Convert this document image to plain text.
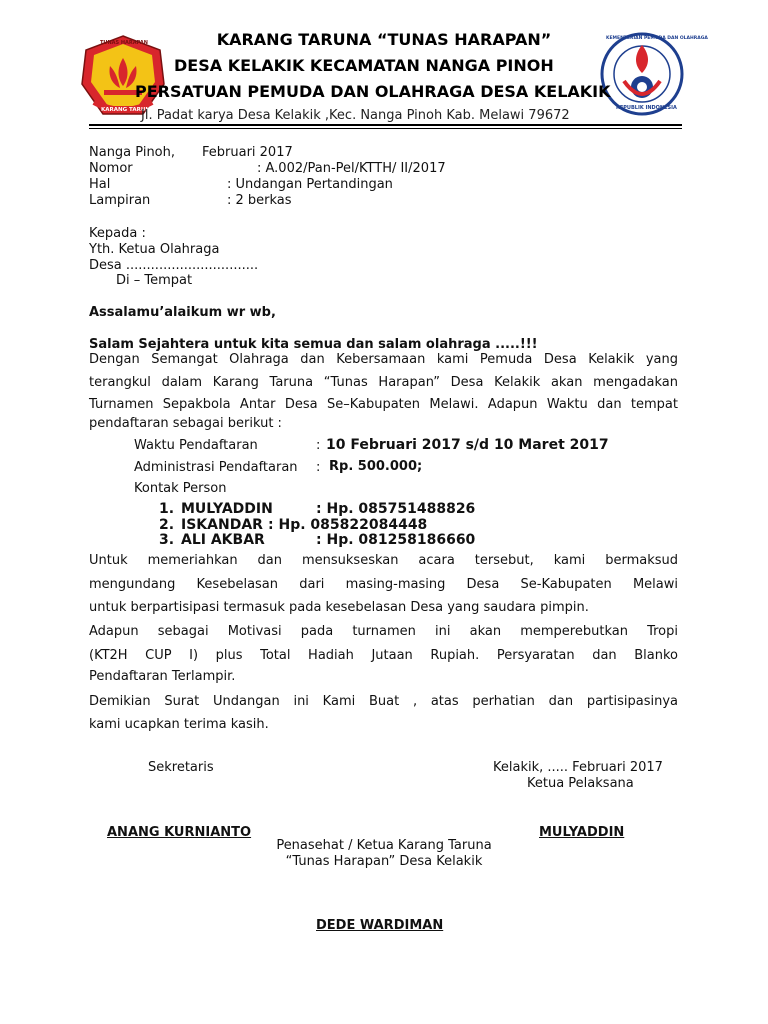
TUNAS HARAPAN
KARANG TARUNA
KEMENTERIAN PEMUDA DAN OLAHRAGA
REPUBLIK INDONESIA
KARANG TARUNA “TUNAS HARAPAN”
DESA KELAKIK KECAMATAN NANGA PINOH
PERSATUAN PEMUDA DAN OLAHRAGA DESA KELAKIK
Jl. Padat karya Desa Kelakik ,Kec. Nanga Pinoh Kab. Melawi 79672
Nanga Pinoh, Februari 2017
Nomor	: A.002/Pan-Pel/KTTH/ II/2017
Hal	: Undangan Pertandingan
Lampiran	: 2 berkas
Kepada :
Yth. Ketua Olahraga
Desa ................................
Di – Tempat
Assalamu’alaikum wr wb,
Salam Sejahtera untuk kita semua dan salam olahraga .....!!!
Dengan Semangat Olahraga dan Kebersamaan kami Pemuda Desa Kelakik yang
terangkul dalam Karang Taruna “Tunas Harapan” Desa Kelakik akan mengadakan
Turnamen Sepakbola Antar Desa Se–Kabupaten Melawi. Adapun Waktu dan tempat
pendaftaran sebagai berikut :
Waktu Pendaftaran	: 10 Februari 2017 s/d 10 Maret 2017
Administrasi Pendaftaran : Rp. 500.000;
Kontak Person
1. MULYADDIN	: Hp. 085751488826
2. ISKANDAR : Hp. 085822084448
3. ALI AKBAR	: Hp. 081258186660
Untuk memeriahkan dan mensukseskan acara tersebut, kami bermaksud
mengundang Kesebelasan dari masing-masing Desa Se-Kabupaten Melawi
untuk berpartisipasi termasuk pada kesebelasan Desa yang saudara pimpin.
Adapun sebagai Motivasi pada turnamen ini akan memperebutkan Tropi
(KT2H CUP I) plus Total Hadiah Jutaan Rupiah. Persyaratan dan Blanko
Pendaftaran Terlampir.
Demikian Surat Undangan ini Kami Buat , atas perhatian dan partisipasinya
kami ucapkan terima kasih.
Sekretaris	Kelakik, ..... Februari 2017
Ketua Pelaksana
ANANG KURNIANTO	MULYADDIN
Penasehat / Ketua Karang Taruna
“Tunas Harapan” Desa Kelakik
DEDE WARDIMAN
